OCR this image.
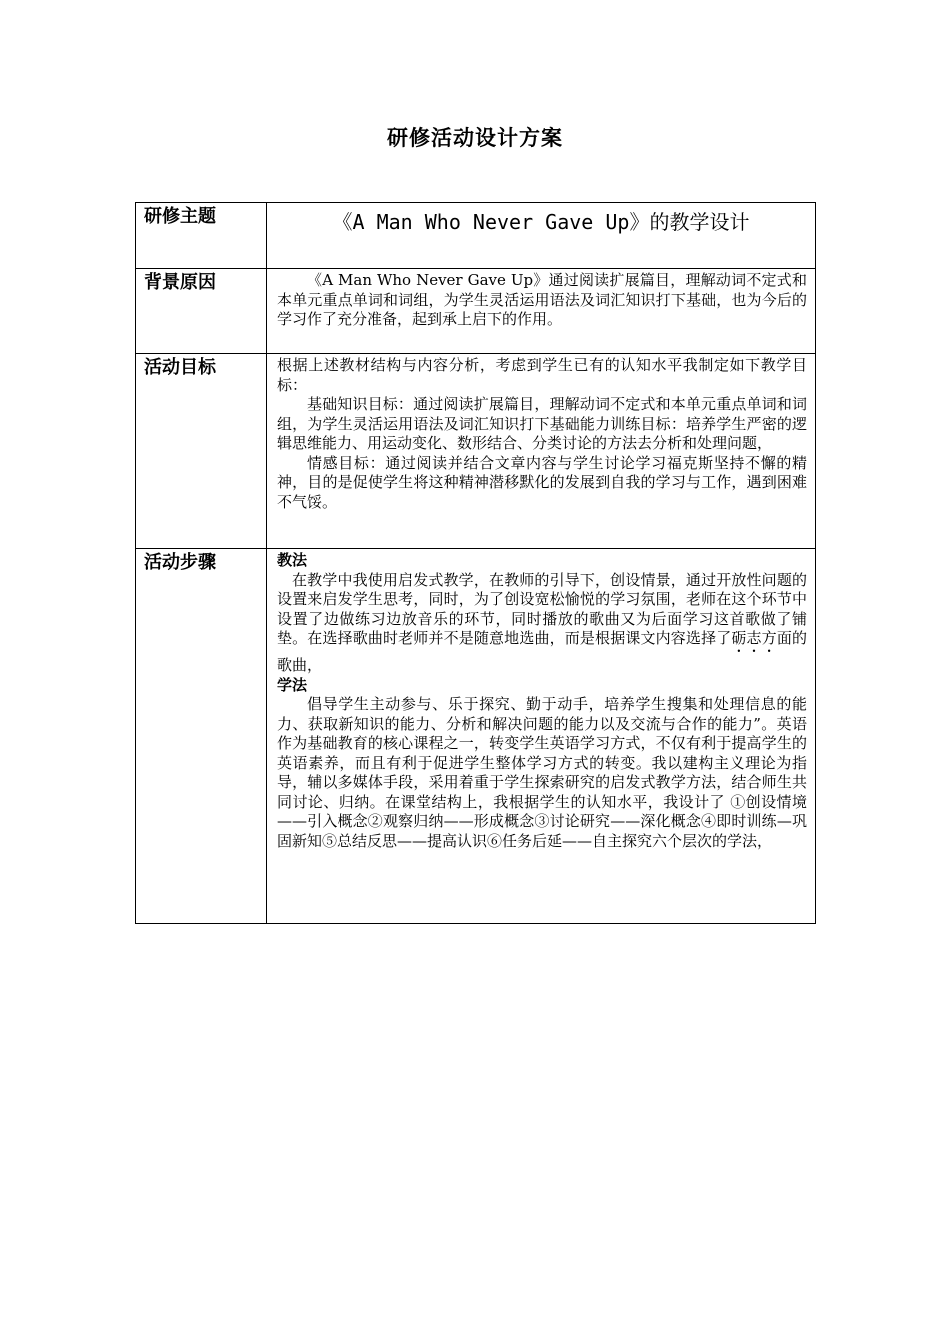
研修活动设计方案
研修主题	《A Man Who Never Gave Up》的教学设计
背景原因	《A Man Who Never Gave Up》通过阅读扩展篇目，理解动词不定式和本单元重点单词和词组，为学生灵活运用语法及词汇知识打下基础，也为今后的学习作了充分准备，起到承上启下的作用。

活动目标	根据上述教材结构与内容分析，考虑到学生已有的认知水平我制定如下教学目标：

基础知识目标：通过阅读扩展篇目，理解动词不定式和本单元重点单词和词组，为学生灵活运用语法及词汇知识打下基础能力训练目标：培养学生严密的逻辑思维能力、用运动变化、数形结合、分类讨论的方法去分析和处理问题，

情感目标：通过阅读并结合文章内容与学生讨论学习福克斯坚持不懈的精神，目的是促使学生将这种精神潜移默化的发展到自我的学习与工作，遇到困难不气馁。

活动步骤	教法

在教学中我使用启发式教学，在教师的引导下，创设情景，通过开放性问题的设置来启发学生思考，同时，为了创设宽松愉悦的学习氛围，老师在这个环节中设置了边做练习边放音乐的环节，同时播放的歌曲又为后面学习这首歌做了铺垫。在选择歌曲时老师并不是随意地选曲，而是根据课文内容选择了砺志方面的歌曲，

学法

倡导学生主动参与、乐于探究、勤于动手，培养学生搜集和处理信息的能力、获取新知识的能力、分析和解决问题的能力以及交流与合作的能力”。英语作为基础教育的核心课程之一，转变学生英语学习方式，不仅有利于提高学生的英语素养，而且有利于促进学生整体学习方式的转变。我以建构主义理论为指导，辅以多媒体手段，采用着重于学生探索研究的启发式教学方法，结合师生共同讨论、归纳。在课堂结构上，我根据学生的认知水平，我设计了 ①创设情境——引入概念②观察归纳——形成概念③讨论研究——深化概念④即时训练—巩固新知⑤总结反思——提高认识⑥任务后延——自主探究六个层次的学法，
